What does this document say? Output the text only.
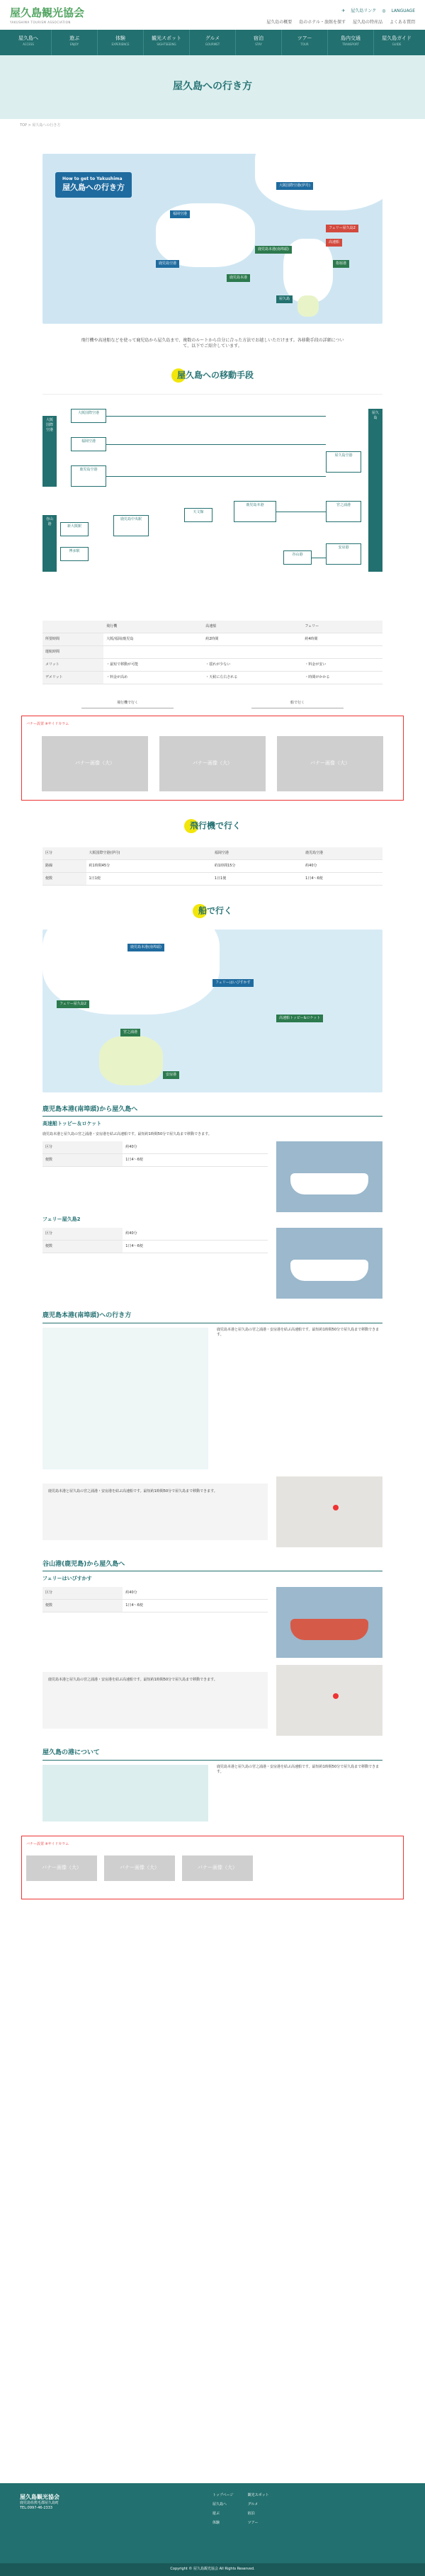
屋久島観光協会
YAKUSHIMA TOURISM ASSOCIATION
✈ 屋久島リンク ◎ LANGUAGE
屋久島の概要 島のホテル・旅館を探す 屋久島の特産品 よくある質問
屋久島へ
ACCESS
遊ぶ
ENJOY
体験
EXPERIENCE
観光スポット
SIGHTSEEING
グルメ
GOURMET
宿泊
STAY
ツアー
TOUR
島内交通
TRANSPORT
屋久島ガイド
GUIDE
屋久島への行き方
TOP > 屋久島への行き方
How to get to Yakushima
屋久島への行き方	大阪国際空港(伊丹)
福岡空港
鹿児島空港
鹿児島本港(南埠頭)
フェリー屋久島2
高速船
鹿児島本港
指宿港
屋久島

飛行機や高速船などを使って鹿児島から屋久島まで、複数のルートから自分に合った方法でお越しいただけます。各移動手段の詳細について、以下でご紹介しています。

屋久島への移動手段
大阪国際空港
大阪国際空港
福岡空港
鹿児島空港
谷山港	新大阪駅
博多駅
鹿児島中央駅
天文館
鹿児島本港
谷山港
屋久島空港
宮之浦港
安房港
屋久島
	飛行機	高速船	フェリー
所要時間	大阪/福岡/鹿児島	約2時間	約4時間
運航時間			
メリット	・最短で移動が可能	・揺れが少ない	・料金が安い
デメリット	・料金が高め	・天候に左右される	・時間がかかる
飛行機で行く	船で行く
バナー設置 ※サイドカラム
バナー画像（大）	バナー画像（大）	バナー画像（大）
飛行機で行く
区分	大阪国際空港(伊丹)	福岡空港	鹿児島空港
路線	約1時間45分	約1時間15分	約40分
便数	1日1便	1日1便	1日4〜6便
船で行く
鹿児島本港(南埠頭)
フェリー屋久島2
フェリーはいびすかす
高速船トッピー&ロケット
宮之浦港
安房港
鹿児島本港(南埠頭)から屋久島へ
高速船トッピー＆ロケット

鹿児島本港と屋久島の宮之浦港・安房港を結ぶ高速船です。最短約1時間50分で屋久島まで移動できます。

区分	約40分
便数	1日4〜6便
フェリー屋久島2
区分	約40分
便数	1日4〜6便
鹿児島本港(南埠頭)への行き方
鹿児島本港と屋久島の宮之浦港・安房港を結ぶ高速船です。最短約1時間50分で屋久島まで移動できます。
鹿児島本港と屋久島の宮之浦港・安房港を結ぶ高速船です。最短約1時間50分で屋久島まで移動できます。
谷山港(鹿児島)から屋久島へ
フェリーはいびすかす
区分	約40分
便数	1日4〜6便
鹿児島本港と屋久島の宮之浦港・安房港を結ぶ高速船です。最短約1時間50分で屋久島まで移動できます。
屋久島の港について
鹿児島本港と屋久島の宮之浦港・安房港を結ぶ高速船です。最短約1時間50分で屋久島まで移動できます。
バナー設置 ※サイドカラム
バナー画像（大）	バナー画像（大）	バナー画像（大）
屋久島観光協会
鹿児島県熊毛郡屋久島町
TEL:0997-46-2333
トップページ
屋久島へ
遊ぶ
体験
観光スポット
グルメ
宿泊
ツアー
Copyright © 屋久島観光協会 All Rights Reserved.
